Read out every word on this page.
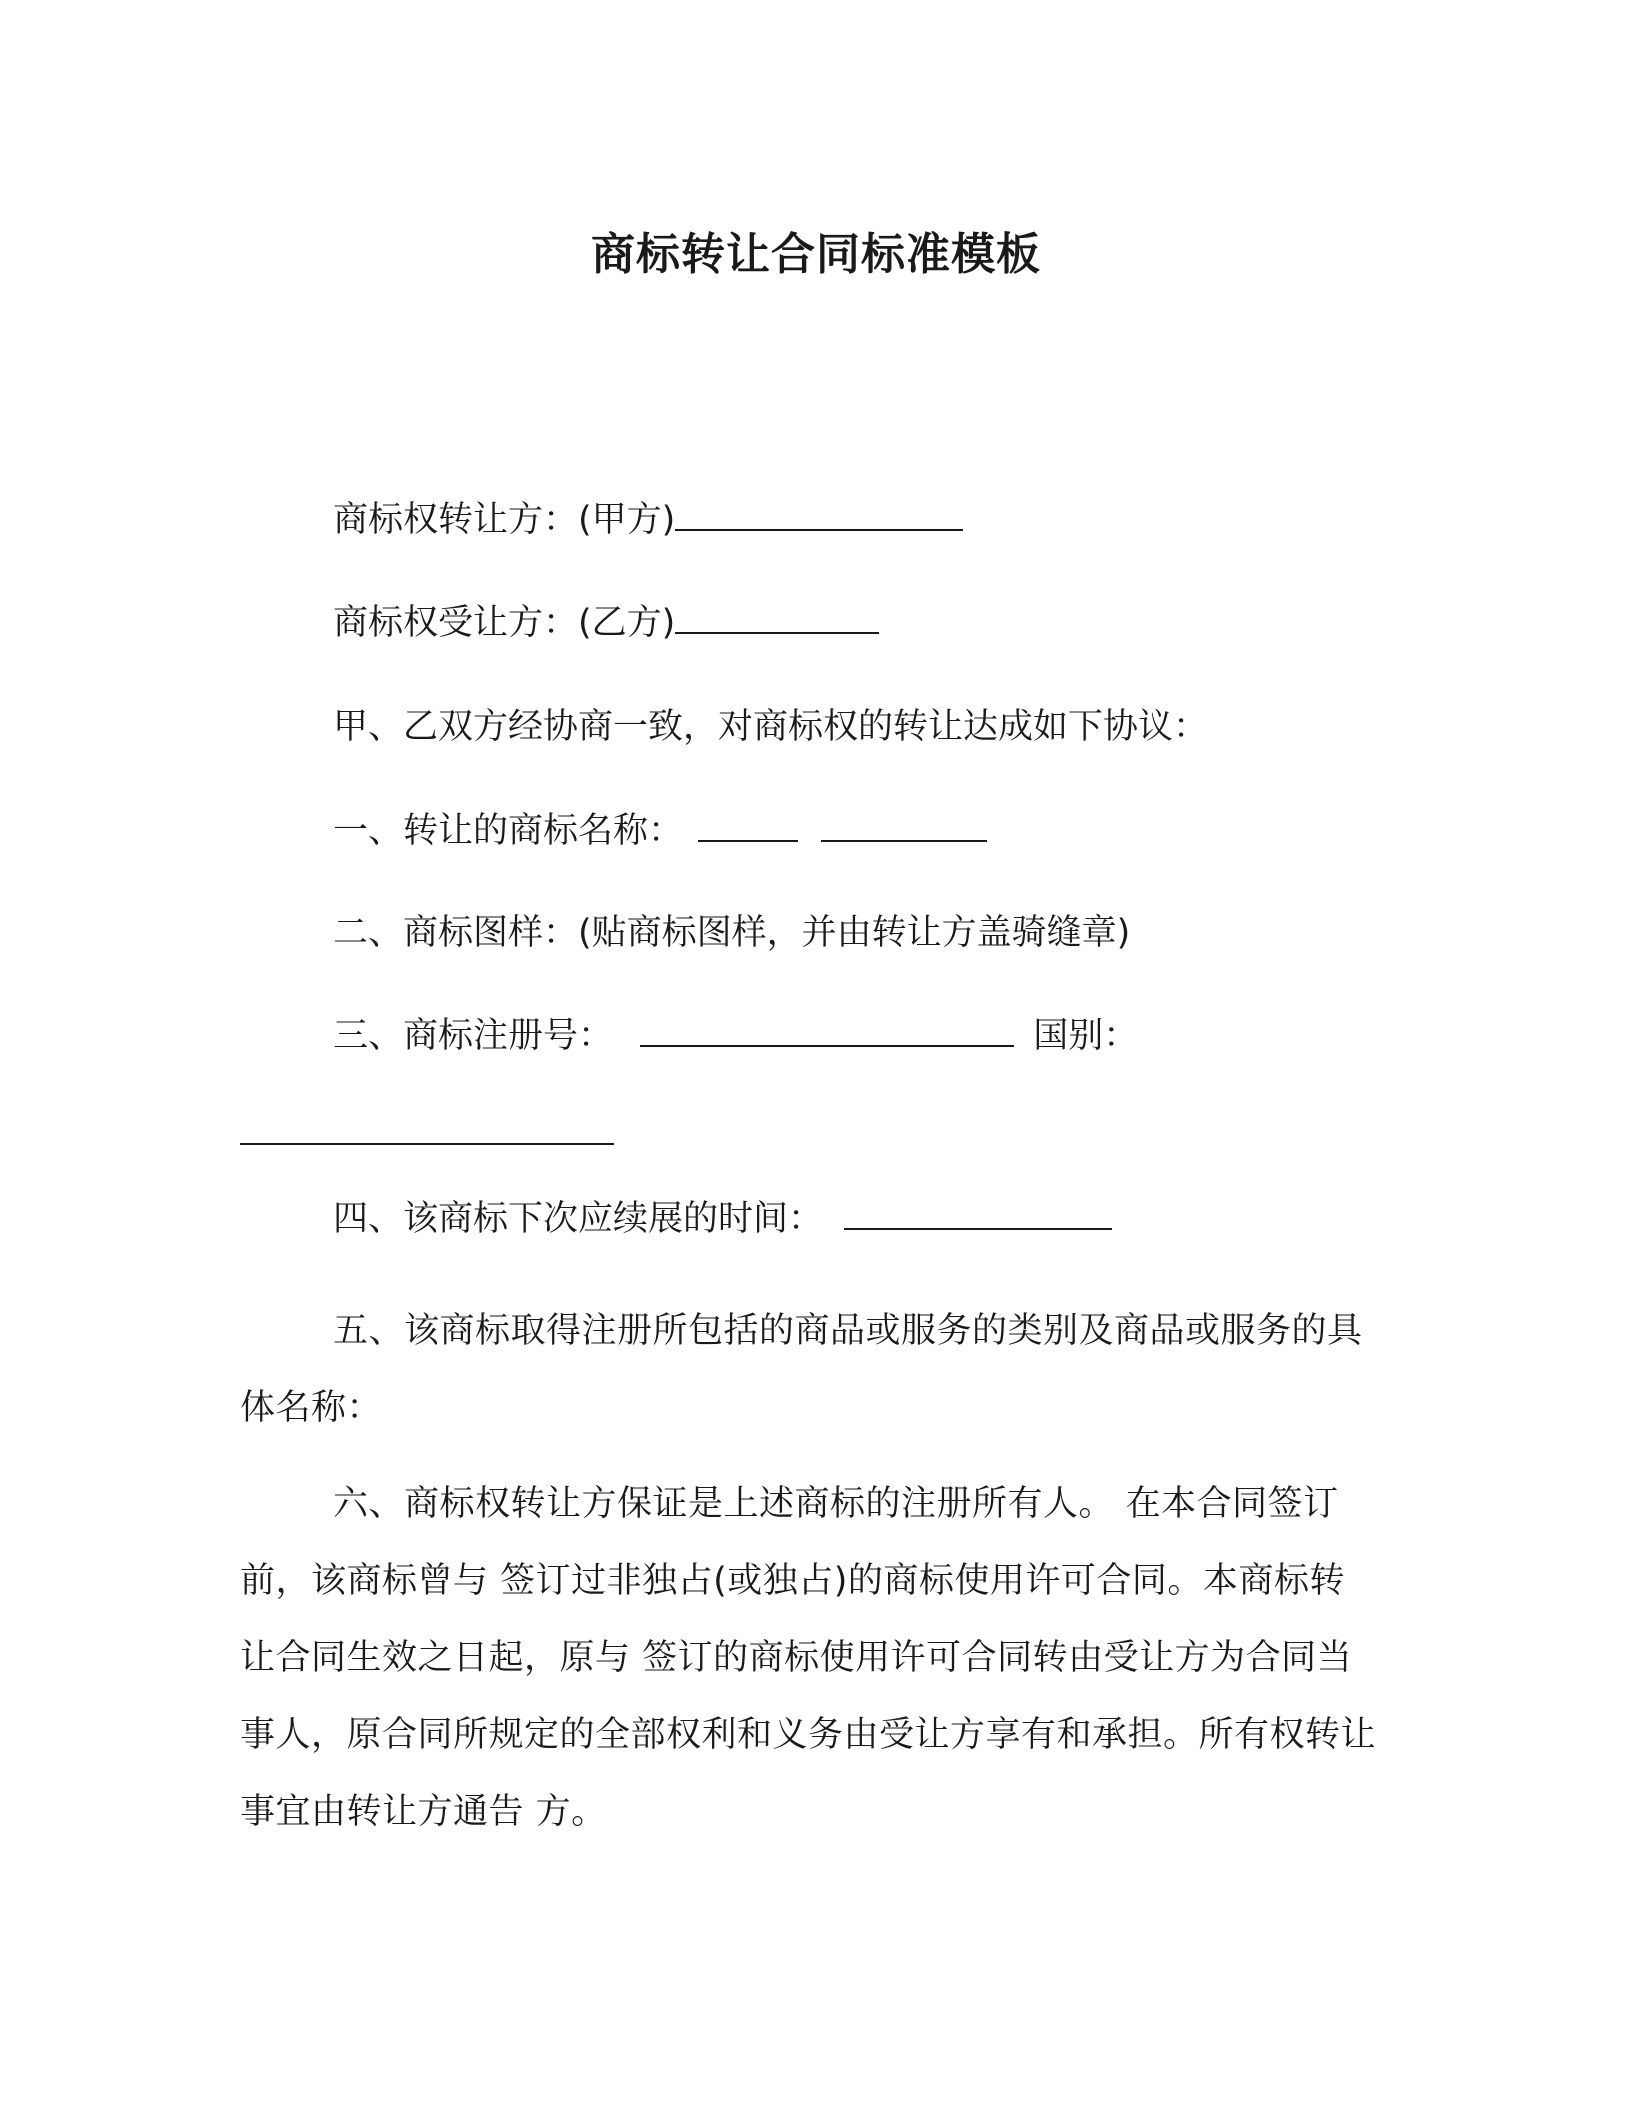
商标转让合同标准模板
商标权转让方：(甲方)
商标权受让方：(乙方)
甲、乙双方经协商一致，对商标权的转让达成如下协议：
一、转让的商标名称：
二、商标图样：(贴商标图样，并由转让方盖骑缝章)
三、商标注册号：	国别：
四、该商标下次应续展的时间：
五、该商标取得注册所包括的商品或服务的类别及商品或服务的具体名称：
六、商标权转让方保证是上述商标的注册所有人。 在本合同签订前，该商标曾与 签订过非独占(或独占)的商标使用许可合同。本商标转让合同生效之日起，原与 签订的商标使用许可合同转由受让方为合同当事人，原合同所规定的全部权利和义务由受让方享有和承担。所有权转让事宜由转让方通告 方。
